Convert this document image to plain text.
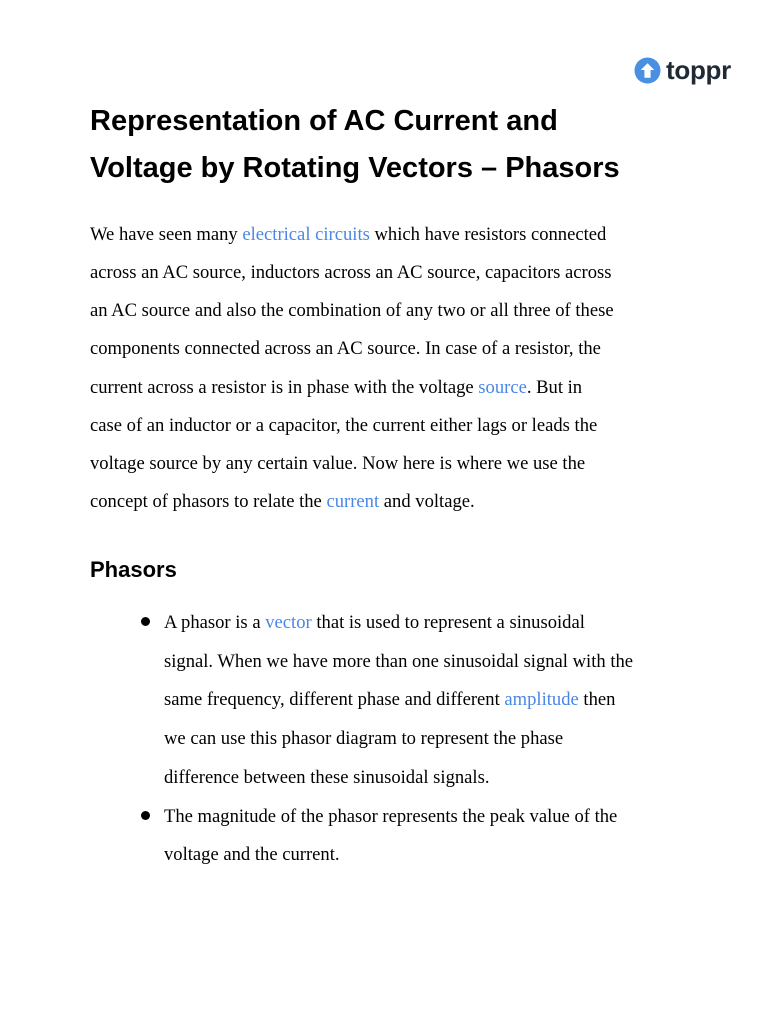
toppr
Representation of AC Current and
Voltage by Rotating Vectors – Phasors

We have seen many electrical circuits which have resistors connected
across an AC source, inductors across an AC source, capacitors across
an AC source and also the combination of any two or all three of these
components connected across an AC source. In case of a resistor, the
current across a resistor is in phase with the voltage source. But in
case of an inductor or a capacitor, the current either lags or leads the
voltage source by any certain value. Now here is where we use the
concept of phasors to relate the current and voltage.

Phasors
A phasor is a vector that is used to represent a sinusoidal
signal. When we have more than one sinusoidal signal with the
same frequency, different phase and different amplitude then
we can use this phasor diagram to represent the phase
difference between these sinusoidal signals.
The magnitude of the phasor represents the peak value of the
voltage and the current.
